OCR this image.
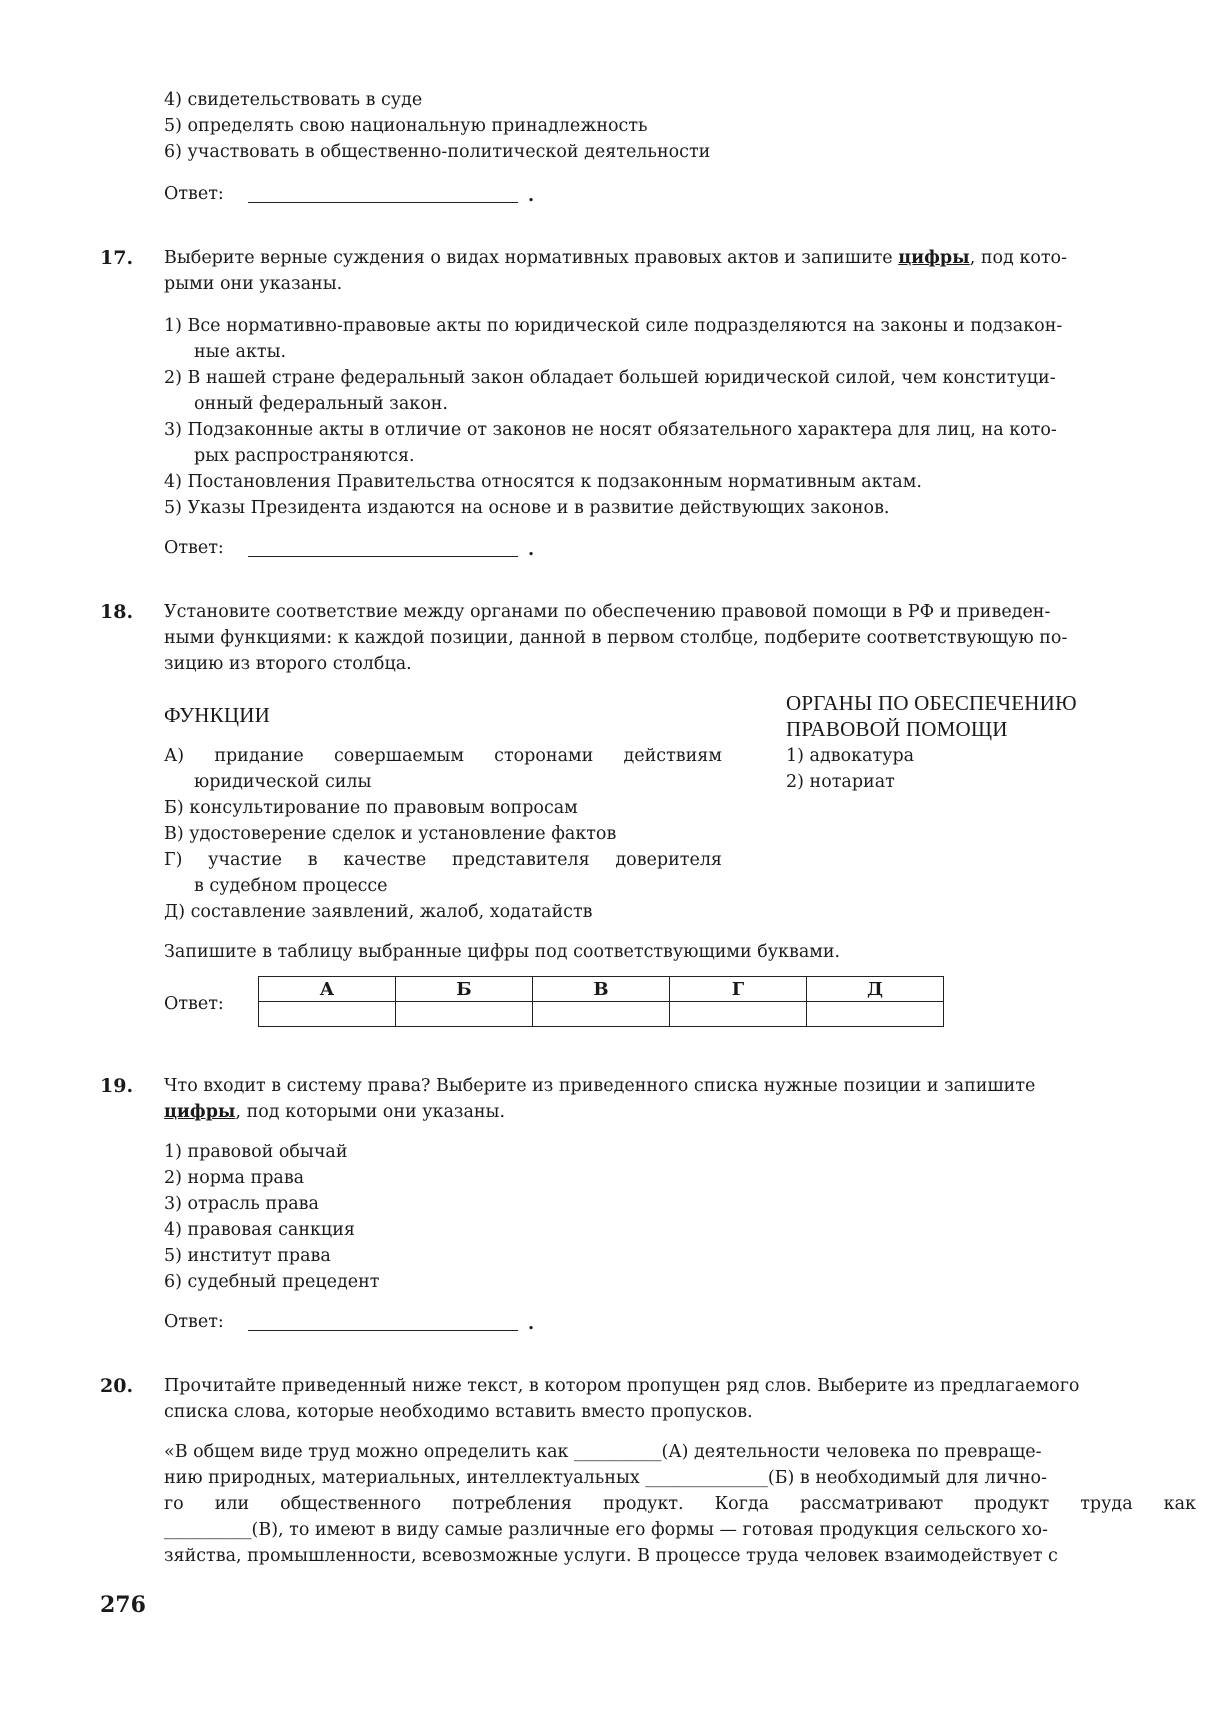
4) свидетельствовать в суде
5) определять свою национальную принадлежность
6) участвовать в общественно-политической деятельности
Ответ:	.
17. Выберите верные суждения о видах нормативных правовых актов и запишите цифры, под кото-
рыми они указаны.
1) Все нормативно-правовые акты по юридической силе подразделяются на законы и подзакон-
ные акты.
2) В нашей стране федеральный закон обладает большей юридической силой, чем конституци-
онный федеральный закон.
3) Подзаконные акты в отличие от законов не носят обязательного характера для лиц, на кото-
рых распространяются.
4) Постановления Правительства относятся к подзаконным нормативным актам.
5) Указы Президента издаются на основе и в развитие действующих законов.
Ответ:	.
18. Установите соответствие между органами по обеспечению правовой помощи в РФ и приведен-
ными функциями: к каждой позиции, данной в первом столбце, подберите соответствующую по-
зицию из второго столбца.
ФУНКЦИИ	ОРГАНЫ ПО ОБЕСПЕЧЕНИЮ
ПРАВОВОЙ ПОМОЩИ
А) придание совершаемым сторонами действиям
юридической силы
Б) консультирование по правовым вопросам
В) удостоверение сделок и установление фактов
Г) участие в качестве представителя доверителя
в судебном процессе
Д) составление заявлений, жалоб, ходатайств
1) адвокатура
2) нотариат
Запишите в таблицу выбранные цифры под соответствующими буквами.
Ответ:
А	Б	В	Г	Д

19. Что входит в систему права? Выберите из приведенного списка нужные позиции и запишите
цифры, под которыми они указаны.
1) правовой обычай
2) норма права
3) отрасль права
4) правовая санкция
5) институт права
6) судебный прецедент
Ответ:	.
20. Прочитайте приведенный ниже текст, в котором пропущен ряд слов. Выберите из предлагаемого
списка слова, которые необходимо вставить вместо пропусков.
«В общем виде труд можно определить как __________(А) деятельности человека по превраще-
нию природных, материальных, интеллектуальных ______________(Б) в необходимый для лично-
го или общественного потребления продукт. Когда рассматривают продукт труда как
__________(В), то имеют в виду самые различные его формы — готовая продукция сельского хо-
зяйства, промышленности, всевозможные услуги. В процессе труда человек взаимодействует с
276
